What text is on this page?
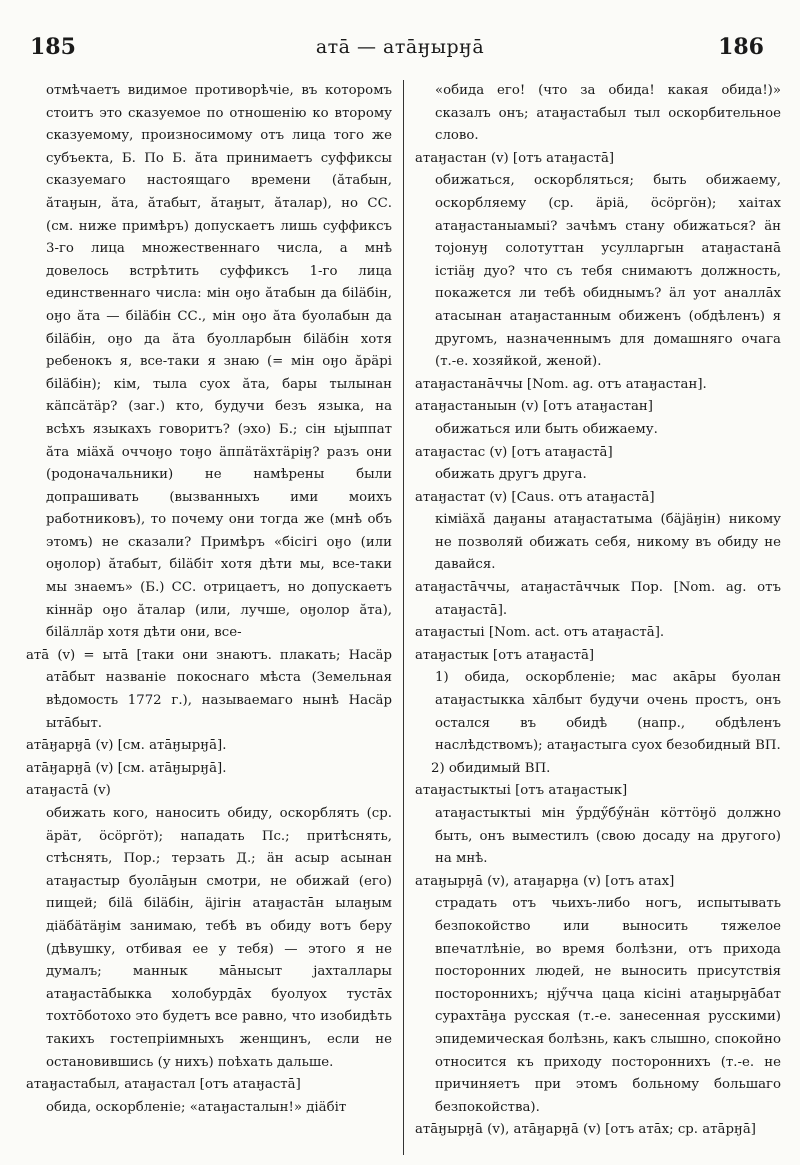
185	атā — атāӈырӈā	186

отмѣчаетъ видимое противорѣчіе, въ которомъ стоитъ это сказуемое по отношенію ко второму сказуемому, произносимому отъ лица того же субъекта, Б. По Б. ӑта принимаетъ суффиксы сказуемаго настоящаго времени (ӑтабын, ӑтаӈын, ӑта, ӑтабыт, ӑтаӈыт, ӑталар), но СС. (см. ниже примѣръ) допускаетъ лишь суффиксъ 3-го лица множественнаго числа, а мнѣ довелось встрѣтить суффиксъ 1-го лица единственнаго числа: мін оӈо ӑтабын да біläбін, оӈо ӑта — біläбін СС., мін оӈо ӑта буолабын да біläбін, оӈо да ӑта буолларбын біläбін хотя ребенокъ я, все-таки я знаю (= мін оӈо ӑрäрі біläбін); кім, тыла суох ӑта, бары тылынан кäпсäтäр? (заг.) кто, будучи безъ языка, на всѣхъ языкахъ говоритъ? (эхо) Б.; сін ыјыппат ӑта міäхӑ оччоӈо тоӈо äппäтäхтäріӈ? разъ они (родоначальники) не намѣрены были допрашивать (вызванныхъ ими моихъ работниковъ), то почему они тогда же (мнѣ объ этомъ) не сказали? Примѣръ «бісігі оӈо (или оӈолор) ӑтабыт, біläбіт хотя дѣти мы, все-таки мы знаемъ» (Б.) СС. отрицаетъ, но допускаетъ кіннäр оӈо ӑталар (или, лучше, оӈолор ӑта), біläллäр хотя дѣти они, все-

атā (v) = ытā [таки они знаютъ. плакать; Насäр атāбыт названіе покоснаго мѣста (Земельная вѣдомость 1772 г.), называемаго нынѣ Насäр ытāбыт.

атāӈарӈā (v) [см. атāӈырӈā].

атāӈарӈā (v) [см. атāӈырӈā].

атаӈастā (v)

обижать кого, наносить обиду, оскорблять (ср. äрäт, öсöргöт); нападать Пс.; притѣснять, стѣснять, Пор.; терзать Д.; äн асыр асынан атаӈастыр буолāӈын смотри, не обижай (его) пищей; біlä біläбін, äјігін атаӈастāн ылаӈым діäбäтäӈім занимаю, тебѣ въ обиду вотъ беру (дѣвушку, отбивая ее у тебя) — этого я не думалъ; маннык мāнысыт јахталлары атаӈастāбыкка холобурдāх буолуох тустāх тохтōботохо это будетъ все равно, что изобидѣть такихъ гостепріимныхъ женщинъ, если не остановившись (у нихъ) поѣхать дальше.

атаӈастабыл, атаӈастал [отъ атаӈастā]

обида, оскорбленіе; «атаӈасталын!» діäбіт

«обида его! (что за обида! какая обида!)» сказалъ онъ; атаӈастабыл тыл оскорбительное слово.

атаӈастан (v) [отъ атаӈастā]

обижаться, оскорбляться; быть обижаему, оскорбляему (ср. äріä, öсöргöн); хаітах атаӈастаныамыі? зачѣмъ стану обижаться? äн тојонуӈ солотуттан усулларгын атаӈастанā істіäӈ дуо? что съ тебя снимаютъ должность, покажется ли тебѣ обиднымъ? äл уот аналлāх атасынан атаӈастанным обиженъ (обдѣленъ) я другомъ, назначеннымъ для домашняго очага (т.-е. хозяйкой, женой).

атаӈастанāччы [Nom. ag. отъ атаӈастан].

атаӈастаныын (v) [отъ атаӈастан]

обижаться или быть обижаему.

атаӈастас (v) [отъ атаӈастā]

обижать другъ друга.

атаӈастат (v) [Caus. отъ атаӈастā]

кіміäхӑ даӈаны атаӈастатыма (бäјäӈін) никому не позволяй обижать себя, никому въ обиду не давайся.

атаӈастāччы, атаӈастāччык Пор. [Nom. ag. отъ атаӈастā].

атаӈастыі [Nom. act. отъ атаӈастā].

атаӈастык [отъ атаӈастā]

1) обида, оскорбленіе; мас акāры буолан атаӈастыкка хāлбыт будучи очень простъ, онъ остался въ обидѣ (напр., обдѣленъ наслѣдствомъ); атаӈастыга суох безобидный ВП.

2) обидимый ВП.

атаӈастыктыі [отъ атаӈастык]

атаӈастыктыі мін ӳрдӳбӳнäн кöттöӈö должно быть, онъ выместилъ (свою досаду на другого) на мнѣ.

атаӈырӈā (v), атаӈарӈа (v) [отъ атах]

страдать отъ чьихъ-либо ногъ, испытывать безпокойство или выносить тяжелое впечатлѣніе, во время болѣзни, отъ прихода посторонних людей, не выносить присутствія постороннихъ; нјӳчча цаца кісіні атаӈырӈāбат сурахтāӈа русская (т.-е. занесенная русскими) эпидемическая болѣзнь, какъ слышно, спокойно относится къ приходу постороннихъ (т.-е. не причиняетъ при этомъ больному большаго безпокойства).

атāӈырӈā (v), атāӈарӈā (v) [отъ атāх; ср. атāрӈā]
